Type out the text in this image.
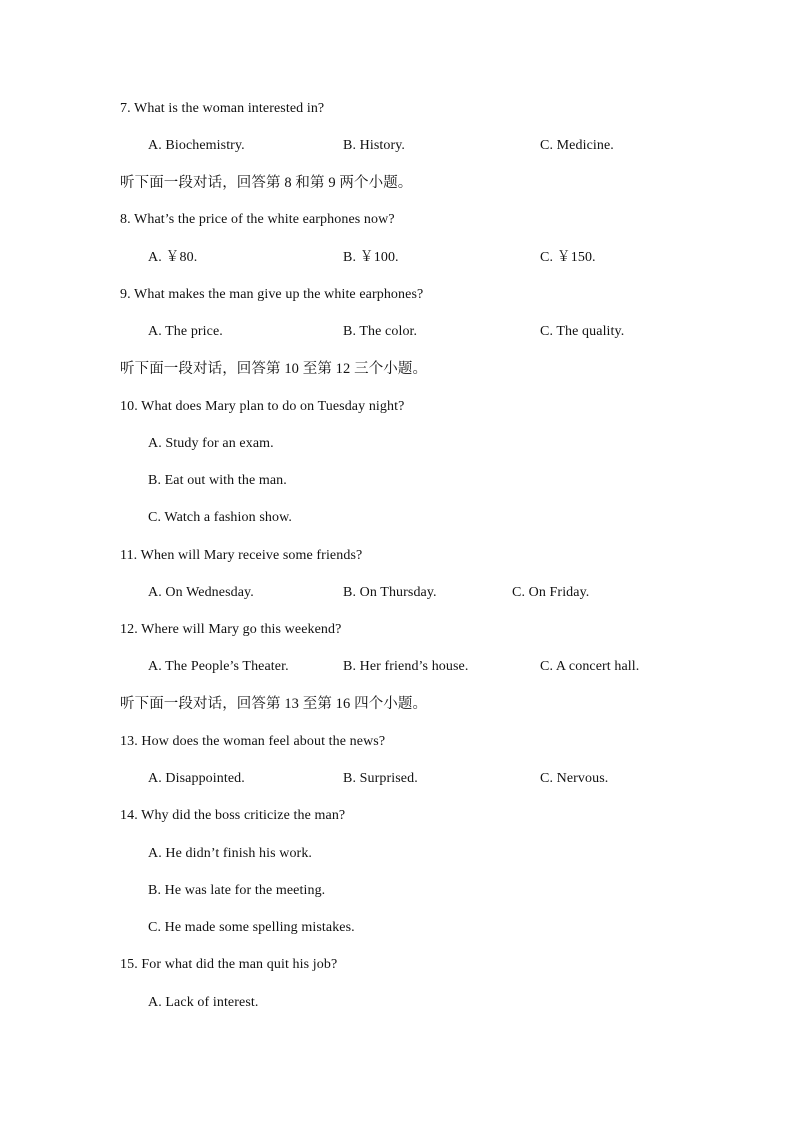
7. What is the woman interested in?
A. Biochemistry.	B. History.	C. Medicine.
听下面一段对话，回答第 8 和第 9 两个小题。
8. What’s the price of the white earphones now?
A. ￥80.	B. ￥100.	C. ￥150.
9. What makes the man give up the white earphones?
A. The price.	B. The color.	C. The quality.
听下面一段对话，回答第 10 至第 12 三个小题。
10. What does Mary plan to do on Tuesday night?
A. Study for an exam.
B. Eat out with the man.
C. Watch a fashion show.
11. When will Mary receive some friends?
A. On Wednesday.	B. On Thursday.	C. On Friday.
12. Where will Mary go this weekend?
A. The People’s Theater.	B. Her friend’s house.	C. A concert hall.
听下面一段对话，回答第 13 至第 16 四个小题。
13. How does the woman feel about the news?
A. Disappointed.	B. Surprised.	C. Nervous.
14. Why did the boss criticize the man?
A. He didn’t finish his work.
B. He was late for the meeting.
C. He made some spelling mistakes.
15. For what did the man quit his job?
A. Lack of interest.
